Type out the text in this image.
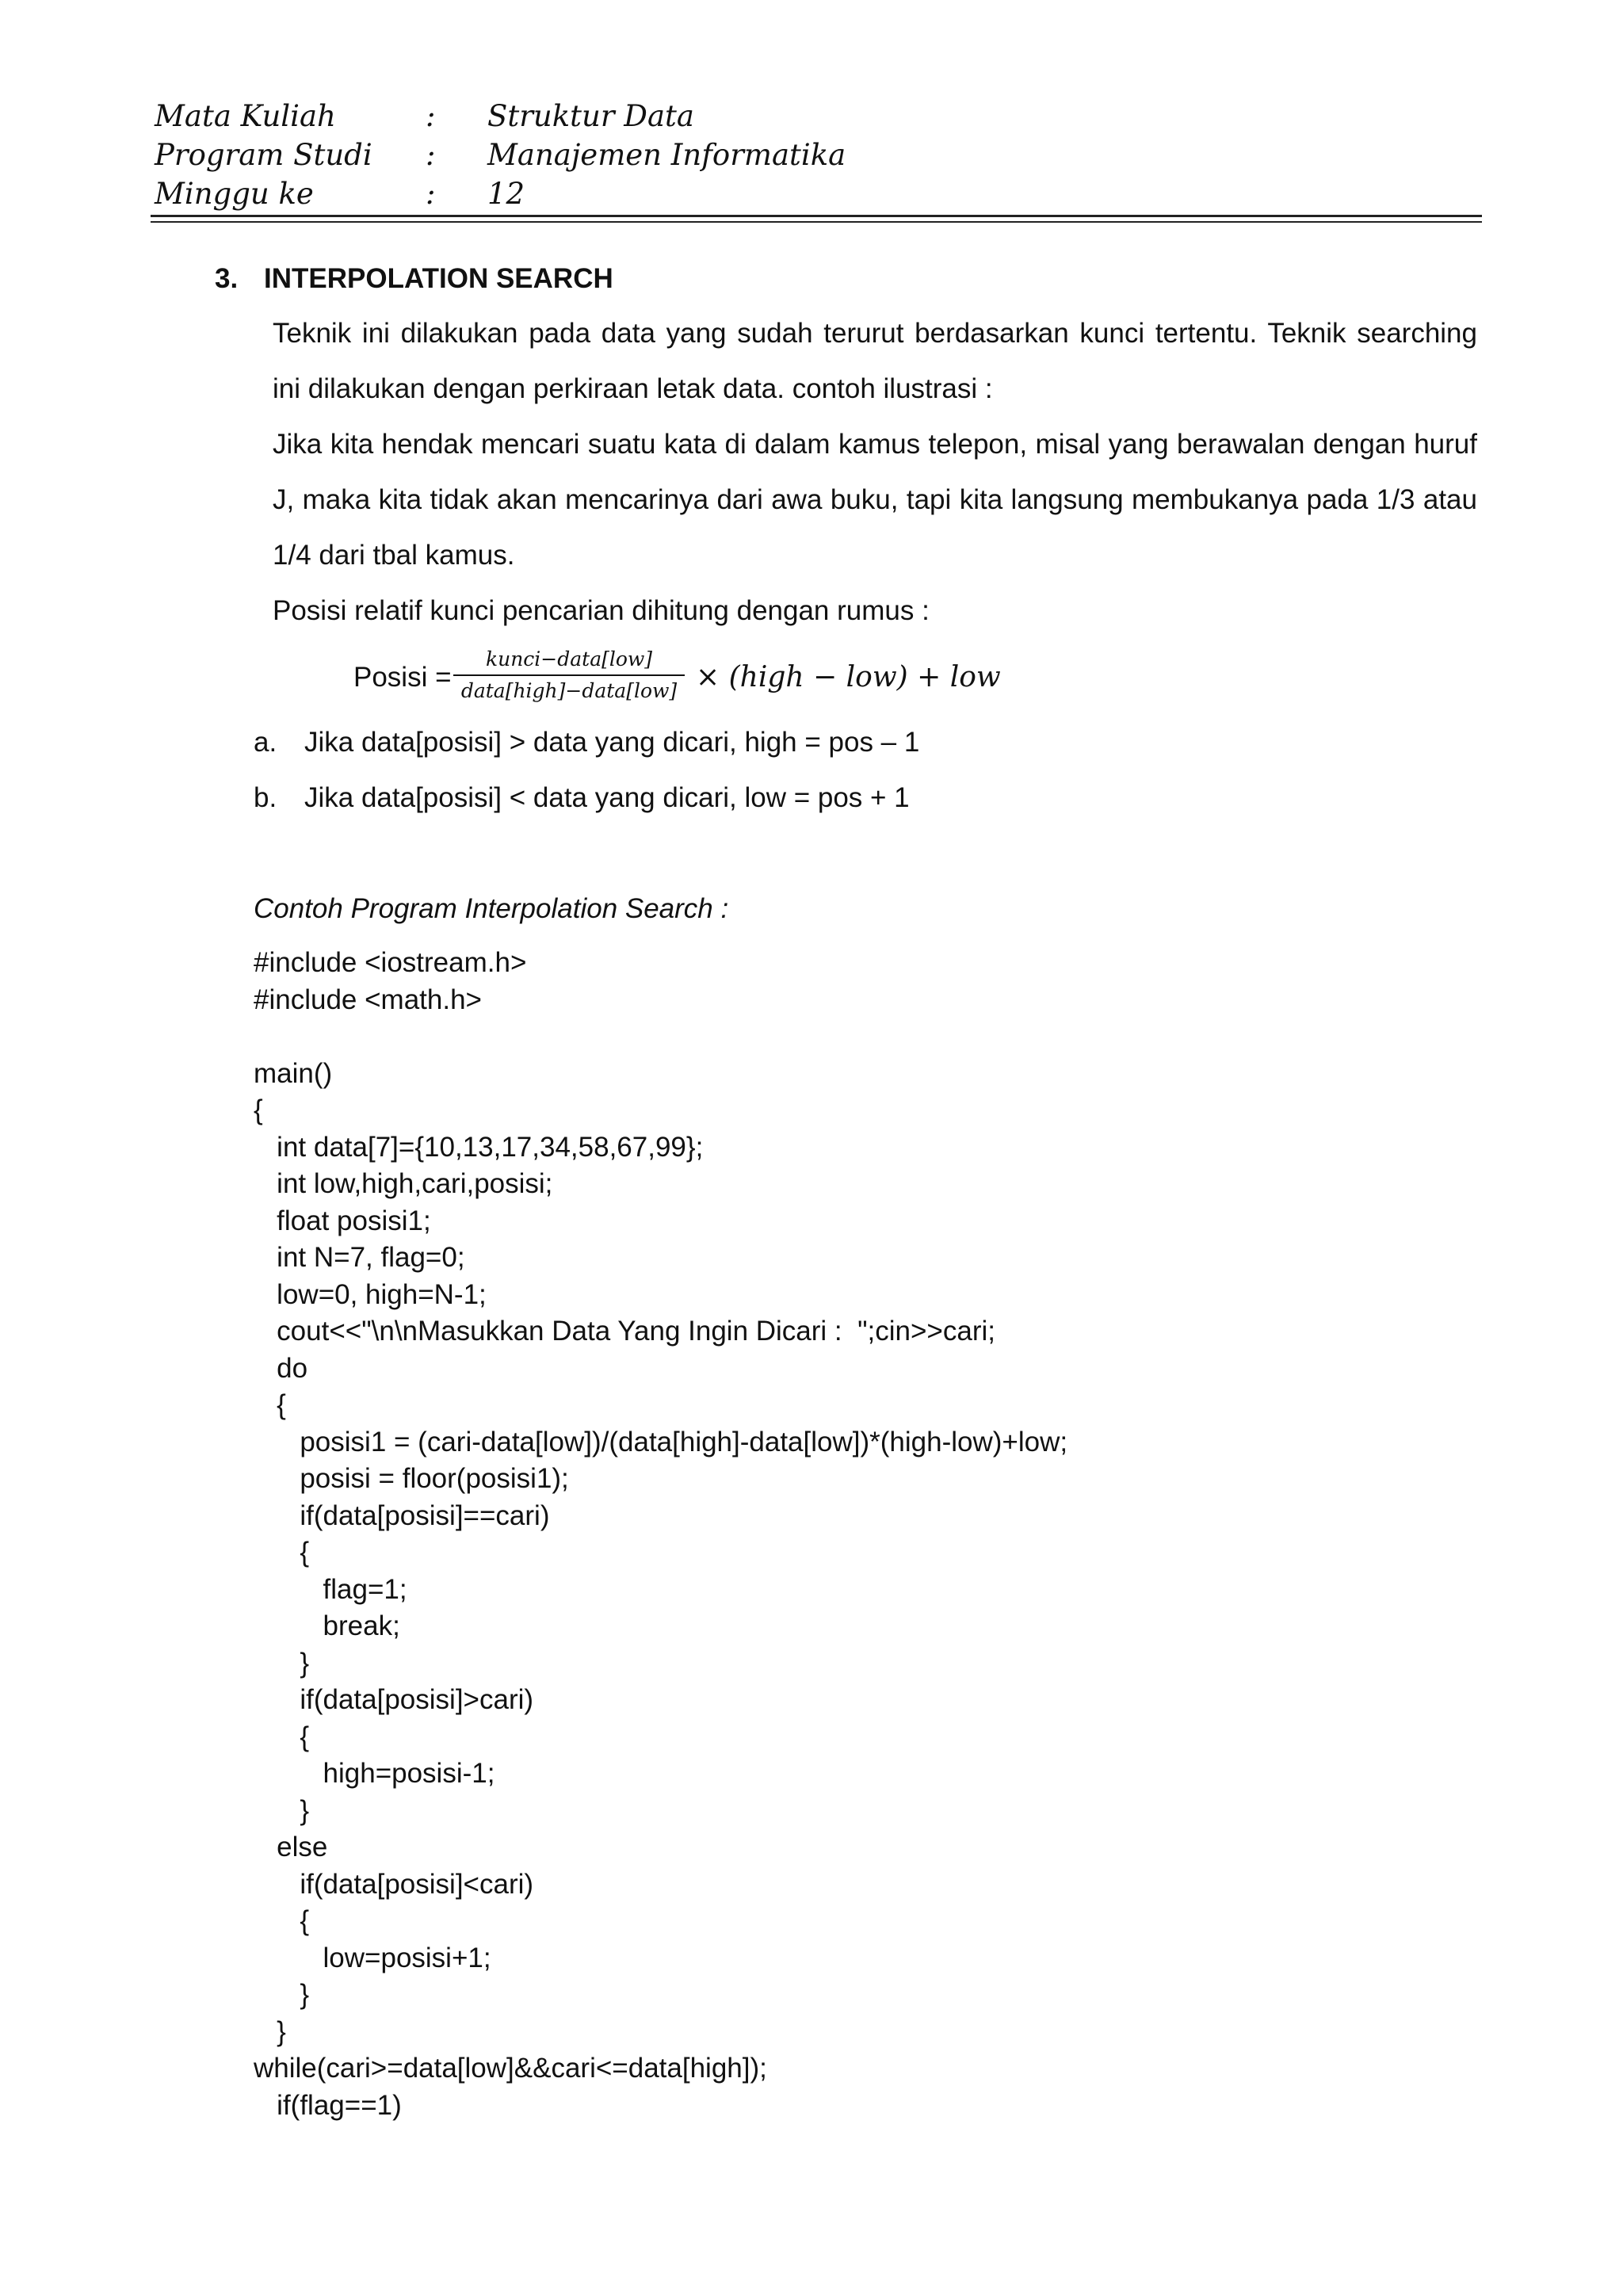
Mata Kuliah	: Struktur Data
Program Studi : Manajemen Informatika
Minggu ke	: 12
3. INTERPOLATION SEARCH
Teknik ini dilakukan pada data yang sudah terurut berdasarkan kunci tertentu. Teknik searching
ini dilakukan dengan perkiraan letak data. contoh ilustrasi :
Jika kita hendak mencari suatu kata di dalam kamus telepon, misal yang berawalan dengan huruf
J, maka kita tidak akan mencarinya dari awa buku, tapi kita langsung membukanya pada 1/3 atau
1/4 dari tbal kamus.
Posisi relatif kunci pencarian dihitung dengan rumus :
Posisi =
kunci−data[low]
data[high]−data[low] × (high − low) + low
a. Jika data[posisi] > data yang dicari, high = pos – 1
b. Jika data[posisi] < data yang dicari, low = pos + 1
Contoh Program Interpolation Search :
#include <iostream.h>
#include <math.h>
main()
{
int data[7]={10,13,17,34,58,67,99};
int low,high,cari,posisi;
float posisi1;
int N=7, flag=0;
low=0, high=N-1;
cout<<"\n\nMasukkan Data Yang Ingin Dicari :  ";cin>>cari;
do
{
posisi1 = (cari-data[low])/(data[high]-data[low])*(high-low)+low;
posisi = floor(posisi1);
if(data[posisi]==cari)
{
flag=1;
break;
}
if(data[posisi]>cari)
{
high=posisi-1;
}
else
if(data[posisi]<cari)
{
low=posisi+1;
}
}
while(cari>=data[low]&&cari<=data[high]);
if(flag==1)
